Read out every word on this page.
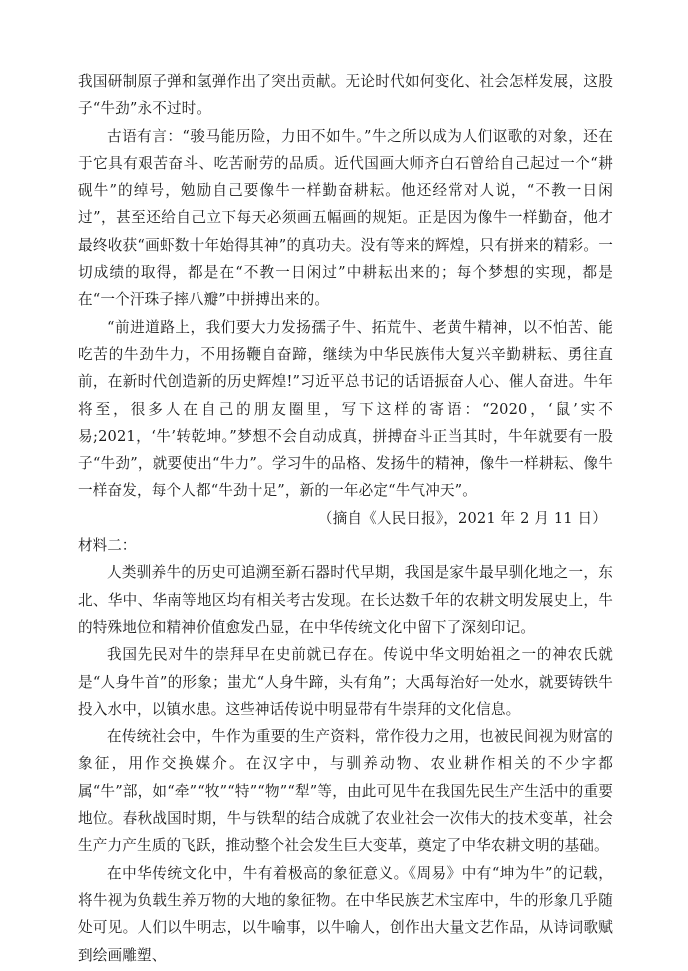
我国研制原子弹和氢弹作出了突出贡献。无论时代如何变化、社会怎样发展，这股子“牛劲”永不过时。

古语有言：“骏马能历险，力田不如牛。”牛之所以成为人们讴歌的对象，还在于它具有艰苦奋斗、吃苦耐劳的品质。近代国画大师齐白石曾给自己起过一个“耕砚牛”的绰号，勉励自己要像牛一样勤奋耕耘。他还经常对人说，“不教一日闲过”，甚至还给自己立下每天必须画五幅画的规矩。正是因为像牛一样勤奋，他才最终收获“画虾数十年始得其神”的真功夫。没有等来的辉煌，只有拼来的精彩。一切成绩的取得，都是在“不教一日闲过”中耕耘出来的；每个梦想的实现，都是在“一个汗珠子摔八瓣”中拼搏出来的。

“前进道路上，我们要大力发扬孺子牛、拓荒牛、老黄牛精神，以不怕苦、能吃苦的牛劲牛力，不用扬鞭自奋蹄，继续为中华民族伟大复兴辛勤耕耘、勇往直前，在新时代创造新的历史辉煌!”习近平总书记的话语振奋人心、催人奋进。牛年将至，很多人在自己的朋友圈里，写下这样的寄语：“2020，‘鼠’实不易;2021，‘牛’转乾坤。”梦想不会自动成真，拼搏奋斗正当其时，牛年就要有一股子“牛劲”，就要使出“牛力”。学习牛的品格、发扬牛的精神，像牛一样耕耘、像牛一样奋发，每个人都“牛劲十足”，新的一年必定“牛气冲天”。

（摘自《人民日报》，2021 年 2 月 11 日）

材料二：

人类驯养牛的历史可追溯至新石器时代早期，我国是家牛最早驯化地之一，东北、华中、华南等地区均有相关考古发现。在长达数千年的农耕文明发展史上，牛的特殊地位和精神价值愈发凸显，在中华传统文化中留下了深刻印记。

我国先民对牛的崇拜早在史前就已存在。传说中华文明始祖之一的神农氏就是“人身牛首”的形象；蚩尤“人身牛蹄，头有角”；大禹每治好一处水，就要铸铁牛投入水中，以镇水患。这些神话传说中明显带有牛崇拜的文化信息。

在传统社会中，牛作为重要的生产资料，常作役力之用，也被民间视为财富的象征，用作交换媒介。在汉字中，与驯养动物、农业耕作相关的不少字都属“牛”部，如“牵”“牧”“特”“物”“犁”等，由此可见牛在我国先民生产生活中的重要地位。春秋战国时期，牛与铁犁的结合成就了农业社会一次伟大的技术变革，社会生产力产生质的飞跃，推动整个社会发生巨大变革，奠定了中华农耕文明的基础。

在中华传统文化中，牛有着极高的象征意义。《周易》中有“坤为牛”的记载，将牛视为负载生养万物的大地的象征物。在中华民族艺术宝库中，牛的形象几乎随处可见。人们以牛明志，以牛喻事，以牛喻人，创作出大量文艺作品，从诗词歌赋到绘画雕塑、
